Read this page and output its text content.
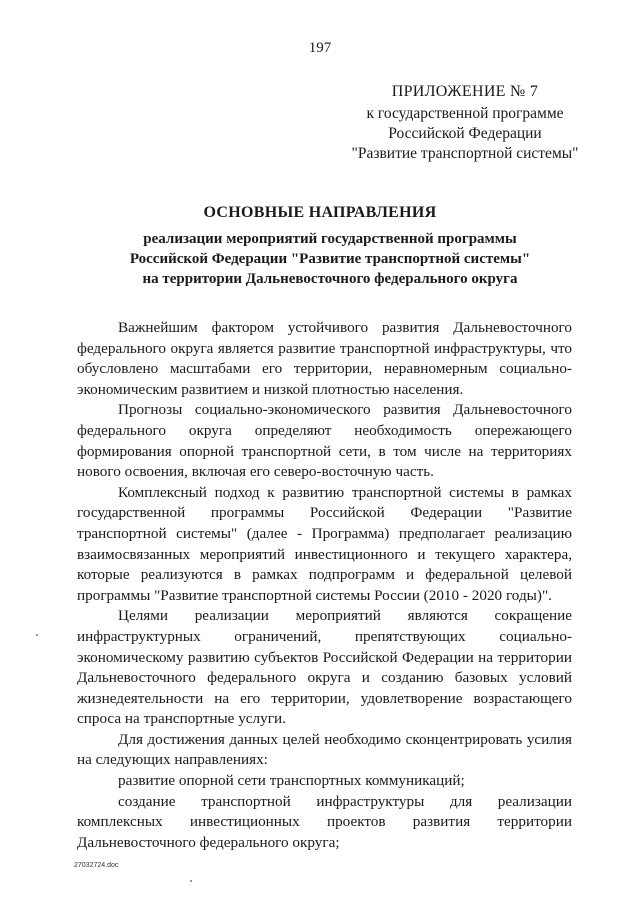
197
ПРИЛОЖЕНИЕ № 7
к государственной программе
Российской Федерации
"Развитие транспортной системы"
ОСНОВНЫЕ НАПРАВЛЕНИЯ
реализации мероприятий государственной программы
Российской Федерации "Развитие транспортной системы"
на территории Дальневосточного федерального округа

Важнейшим фактором устойчивого развития Дальневосточного федерального округа является развитие транспортной инфраструктуры, что обусловлено масштабами его территории, неравномерным социально-экономическим развитием и низкой плотностью населения.

Прогнозы социально-экономического развития Дальневосточного федерального округа определяют необходимость опережающего формирования опорной транспортной сети, в том числе на территориях нового освоения, включая его северо-восточную часть.

Комплексный подход к развитию транспортной системы в рамках государственной программы Российской Федерации "Развитие транспортной системы" (далее - Программа) предполагает реализацию взаимосвязанных мероприятий инвестиционного и текущего характера, которые реализуются в рамках подпрограмм и федеральной целевой программы "Развитие транспортной системы России (2010 - 2020 годы)".

Целями реализации мероприятий являются сокращение инфраструктурных ограничений, препятствующих социально-экономическому развитию субъектов Российской Федерации на территории Дальневосточного федерального округа и созданию базовых условий жизнедеятельности на его территории, удовлетворение возрастающего спроса на транспортные услуги.

Для достижения данных целей необходимо сконцентрировать усилия на следующих направлениях:

развитие опорной сети транспортных коммуникаций;

создание транспортной инфраструктуры для реализации комплексных инвестиционных проектов развития территории Дальневосточного федерального округа;

27032724.doc
